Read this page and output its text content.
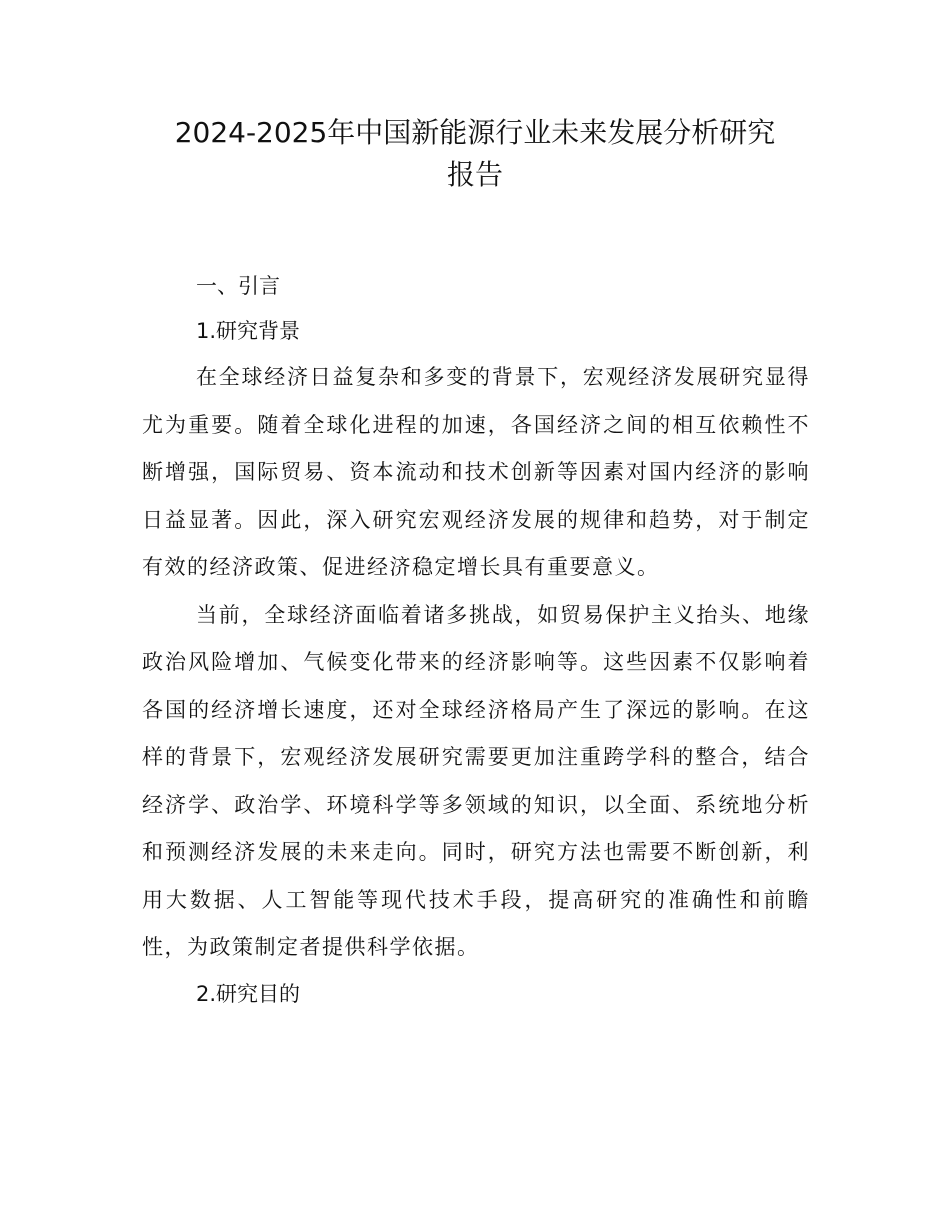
2024-2025年中国新能源行业未来发展分析研究
报告
一、引言
1.研究背景

在全球经济日益复杂和多变的背景下，宏观经济发展研究显得尤为重要。随着全球化进程的加速，各国经济之间的相互依赖性不断增强，国际贸易、资本流动和技术创新等因素对国内经济的影响日益显著。因此，深入研究宏观经济发展的规律和趋势，对于制定有效的经济政策、促进经济稳定增长具有重要意义。

当前，全球经济面临着诸多挑战，如贸易保护主义抬头、地缘政治风险增加、气候变化带来的经济影响等。这些因素不仅影响着各国的经济增长速度，还对全球经济格局产生了深远的影响。在这样的背景下，宏观经济发展研究需要更加注重跨学科的整合，结合经济学、政治学、环境科学等多领域的知识，以全面、系统地分析和预测经济发展的未来走向。同时，研究方法也需要不断创新，利用大数据、人工智能等现代技术手段，提高研究的准确性和前瞻性，为政策制定者提供科学依据。

2.研究目的
